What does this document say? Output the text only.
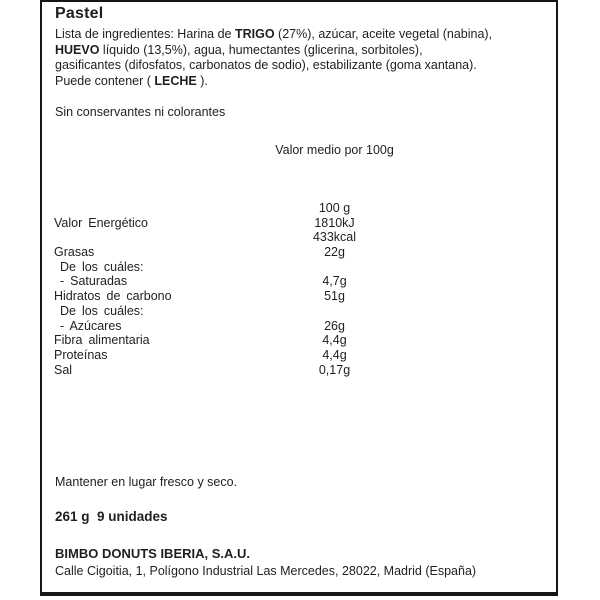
Pastel
Lista de ingredientes: Harina de TRIGO (27%), azúcar, aceite vegetal (nabina),
HUEVO líquido (13,5%), agua, humectantes (glicerina, sorbitoles),
gasificantes (difosfatos, carbonatos de sodio), estabilizante (goma xantana).
Puede contener ( LECHE ).
Sin conservantes ni colorantes
Valor medio por 100g
100 g
Valor Energético	1810kJ
433kcal
Grasas	22g
De los cuáles:
- Saturadas	4,7g
Hidratos de carbono	51g
De los cuáles:
- Azúcares	26g
Fibra alimentaria	4,4g
Proteínas	4,4g
Sal	0,17g
Mantener en lugar fresco y seco.
261 g  9 unidades
BIMBO DONUTS IBERIA, S.A.U.
Calle Cigoitia, 1, Polígono Industrial Las Mercedes, 28022, Madrid (España)
